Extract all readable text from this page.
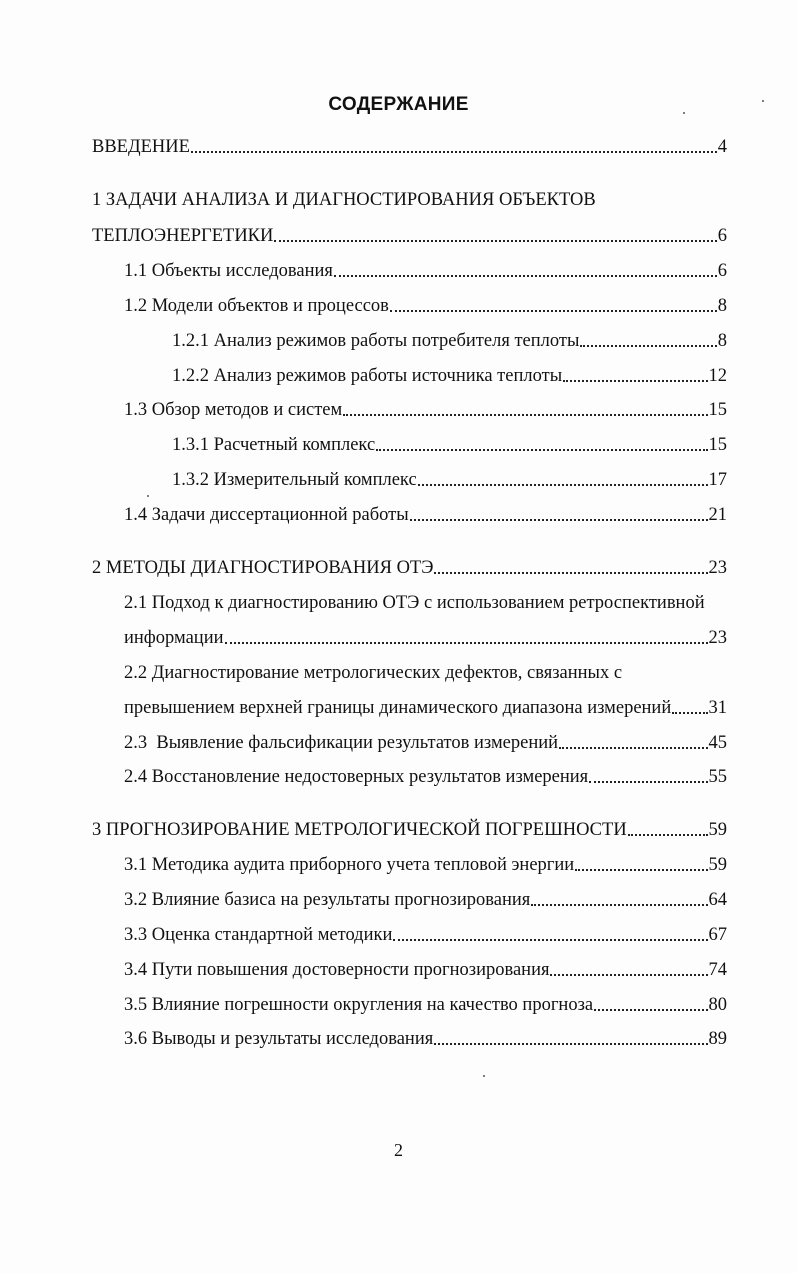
СОДЕРЖАНИЕ
ВВЕДЕНИЕ	4
1 ЗАДАЧИ АНАЛИЗА И ДИАГНОСТИРОВАНИЯ ОБЪЕКТОВ
ТЕПЛОЭНЕРГЕТИКИ	6
1.1 Объекты исследования	6
1.2 Модели объектов и процессов	8
1.2.1 Анализ режимов работы потребителя теплоты	8
1.2.2 Анализ режимов работы источника теплоты	12
1.3 Обзор методов и систем	15
1.3.1 Расчетный комплекс	15
1.3.2 Измерительный комплекс	17
1.4 Задачи диссертационной работы	21
2 МЕТОДЫ ДИАГНОСТИРОВАНИЯ ОТЭ	23
2.1 Подход к диагностированию ОТЭ с использованием ретроспективной
информации	23
2.2 Диагностирование метрологических дефектов, связанных с
превышением верхней границы динамического диапазона измерений 31
2.3  Выявление фальсификации результатов измерений	45
2.4 Восстановление недостоверных результатов измерения	55
3 ПРОГНОЗИРОВАНИЕ МЕТРОЛОГИЧЕСКОЙ ПОГРЕШНОСТИ	59
3.1 Методика аудита приборного учета тепловой энергии	59
3.2 Влияние базиса на результаты прогнозирования	64
3.3 Оценка стандартной методики	67
3.4 Пути повышения достоверности прогнозирования	74
3.5 Влияние погрешности округления на качество прогноза	80
3.6 Выводы и результаты исследования	89
2
